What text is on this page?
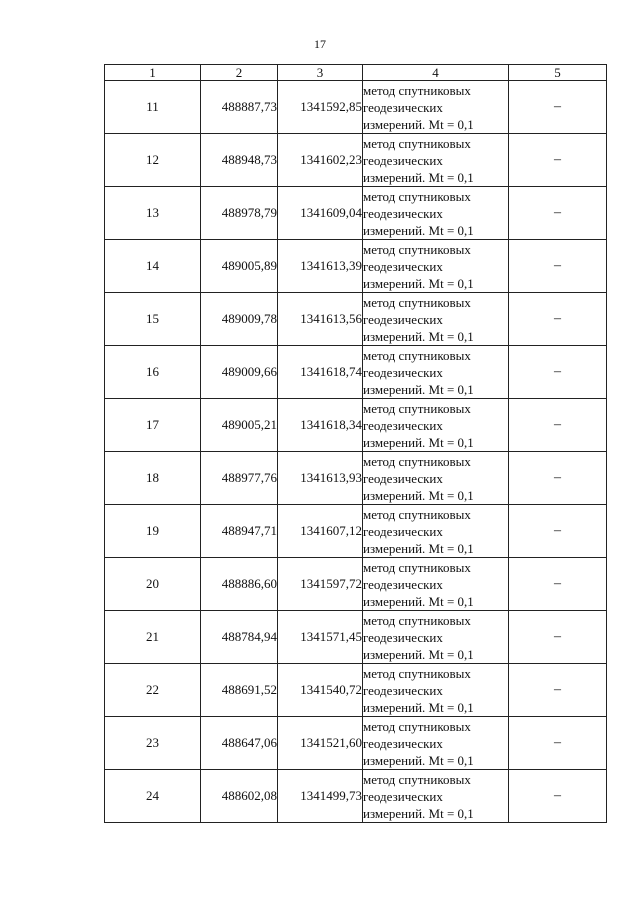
17
1	2	3	4	5
11	488887,73	1341592,85	метод спутниковых
геодезических
измерений. Mt = 0,1	–
12	488948,73	1341602,23	метод спутниковых
геодезических
измерений. Mt = 0,1	–
13	488978,79	1341609,04	метод спутниковых
геодезических
измерений. Mt = 0,1	–
14	489005,89	1341613,39	метод спутниковых
геодезических
измерений. Mt = 0,1	–
15	489009,78	1341613,56	метод спутниковых
геодезических
измерений. Mt = 0,1	–
16	489009,66	1341618,74	метод спутниковых
геодезических
измерений. Mt = 0,1	–
17	489005,21	1341618,34	метод спутниковых
геодезических
измерений. Mt = 0,1	–
18	488977,76	1341613,93	метод спутниковых
геодезических
измерений. Mt = 0,1	–
19	488947,71	1341607,12	метод спутниковых
геодезических
измерений. Mt = 0,1	–
20	488886,60	1341597,72	метод спутниковых
геодезических
измерений. Mt = 0,1	–
21	488784,94	1341571,45	метод спутниковых
геодезических
измерений. Mt = 0,1	–
22	488691,52	1341540,72	метод спутниковых
геодезических
измерений. Mt = 0,1	–
23	488647,06	1341521,60	метод спутниковых
геодезических
измерений. Mt = 0,1	–
24	488602,08	1341499,73	метод спутниковых
геодезических
измерений. Mt = 0,1	–
